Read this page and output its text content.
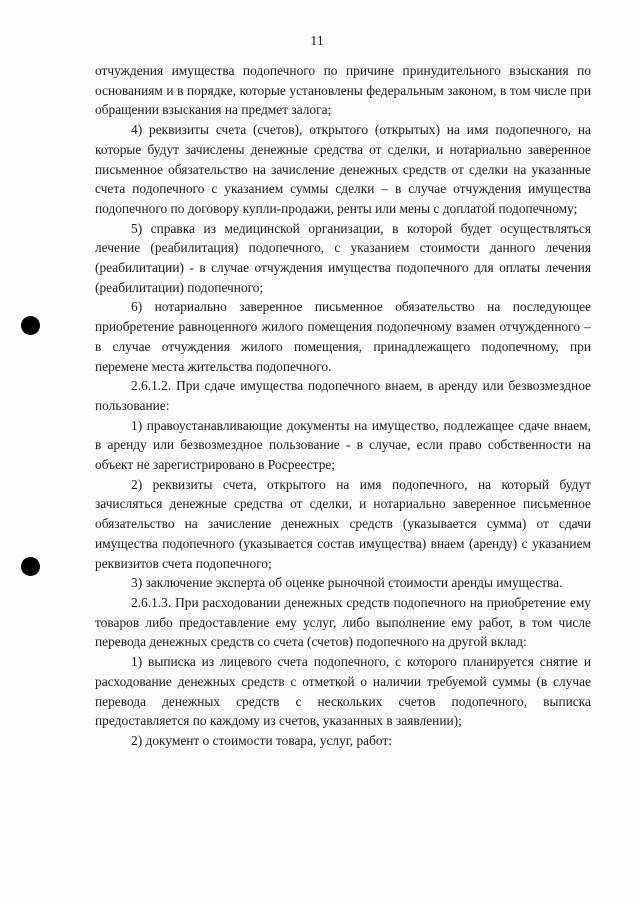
11

отчуждения имущества подопечного по причине принудительного взыскания по основаниям и в порядке, которые установлены федеральным законом, в том числе при обращении взыскания на предмет залога;

4) реквизиты счета (счетов), открытого (открытых) на имя подопечного, на которые будут зачислены денежные средства от сделки, и нотариально заверенное письменное обязательство на зачисление денежных средств от сделки на указанные счета подопечного с указанием суммы сделки – в случае отчуждения имущества подопечного по договору купли-продажи, ренты или мены с доплатой подопечному;

5) справка из медицинской организации, в которой будет осуществляться лечение (реабилитация) подопечного, с указанием стоимости данного лечения (реабилитации) - в случае отчуждения имущества подопечного для оплаты лечения (реабилитации) подопечного;

6) нотариально заверенное письменное обязательство на последующее приобретение равноценного жилого помещения подопечному взамен отчужденного – в случае отчуждения жилого помещения, принадлежащего подопечному, при перемене места жительства подопечного.

2.6.1.2. При сдаче имущества подопечного внаем, в аренду или безвозмездное пользование:

1) правоустанавливающие документы на имущество, подлежащее сдаче внаем, в аренду или безвозмездное пользование - в случае, если право собственности на объект не зарегистрировано в Росреестре;

2) реквизиты счета, открытого на имя подопечного, на который будут зачисляться денежные средства от сделки, и нотариально заверенное письменное обязательство на зачисление денежных средств (указывается сумма) от сдачи имущества подопечного (указывается состав имущества) внаем (аренду) с указанием реквизитов счета подопечного;

3) заключение эксперта об оценке рыночной стоимости аренды имущества.

2.6.1.3. При расходовании денежных средств подопечного на приобретение ему товаров либо предоставление ему услуг, либо выполнение ему работ, в том числе перевода денежных средств со счета (счетов) подопечного на другой вклад:

1) выписка из лицевого счета подопечного, с которого планируется снятие и расходование денежных средств с отметкой о наличии требуемой суммы (в случае перевода денежных средств с нескольких счетов подопечного, выписка предоставляется по каждому из счетов, указанных в заявлении);

2) документ о стоимости товара, услуг, работ:
